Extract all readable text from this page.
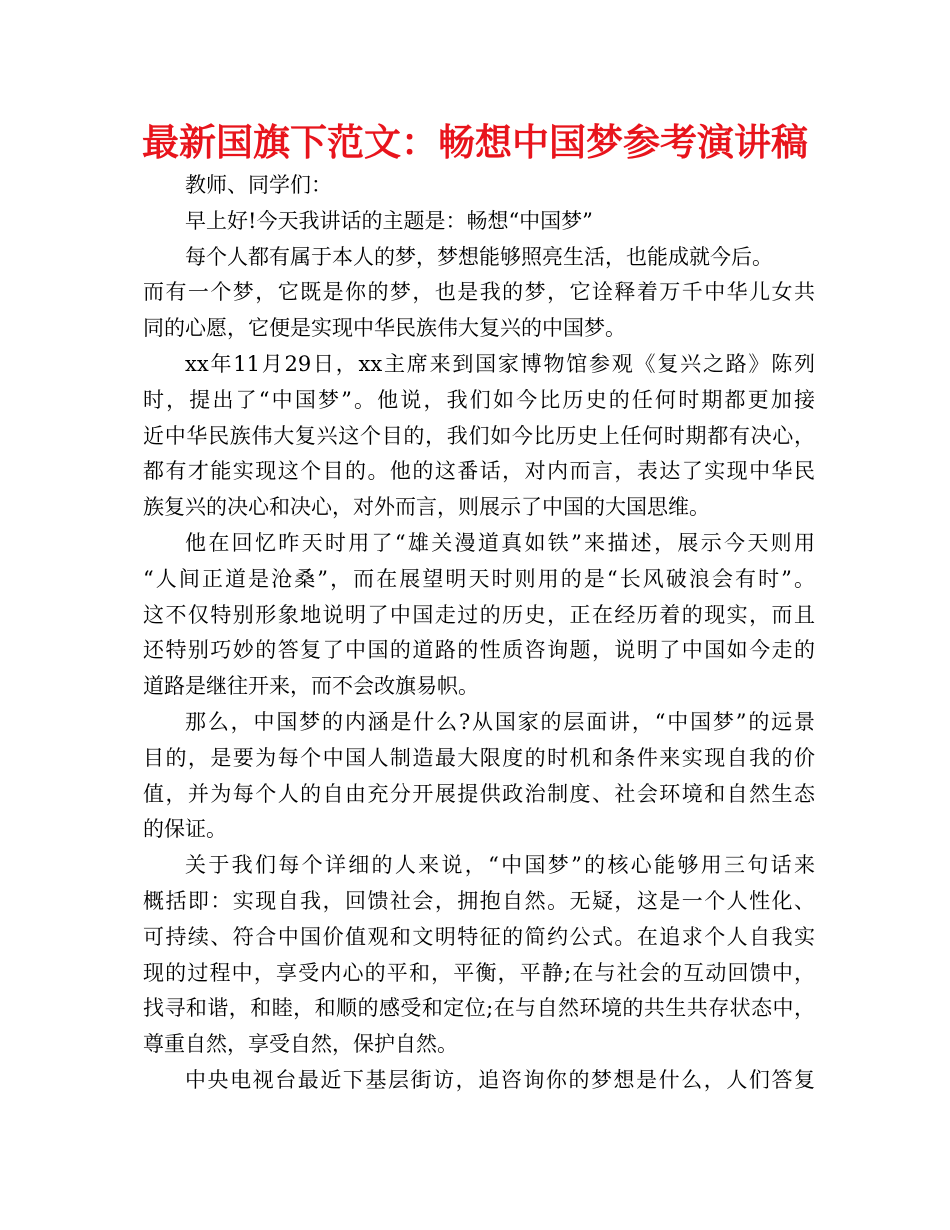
最新国旗下范文：畅想中国梦参考演讲稿
教师、同学们：
早上好!今天我讲话的主题是：畅想“中国梦”
每个人都有属于本人的梦，梦想能够照亮生活，也能成就今后。
而有一个梦，它既是你的梦，也是我的梦，它诠释着万千中华儿女共
同的心愿，它便是实现中华民族伟大复兴的中国梦。
xx年11月29日，xx主席来到国家博物馆参观《复兴之路》陈列
时，提出了“中国梦”。他说，我们如今比历史的任何时期都更加接
近中华民族伟大复兴这个目的，我们如今比历史上任何时期都有决心，
都有才能实现这个目的。他的这番话，对内而言，表达了实现中华民
族复兴的决心和决心，对外而言，则展示了中国的大国思维。
他在回忆昨天时用了“雄关漫道真如铁”来描述，展示今天则用
“人间正道是沧桑”，而在展望明天时则用的是“长风破浪会有时”。
这不仅特别形象地说明了中国走过的历史，正在经历着的现实，而且
还特别巧妙的答复了中国的道路的性质咨询题，说明了中国如今走的
道路是继往开来，而不会改旗易帜。
那么，中国梦的内涵是什么?从国家的层面讲，“中国梦”的远景
目的，是要为每个中国人制造最大限度的时机和条件来实现自我的价
值，并为每个人的自由充分开展提供政治制度、社会环境和自然生态
的保证。
关于我们每个详细的人来说，“中国梦”的核心能够用三句话来
概括即：实现自我，回馈社会，拥抱自然。无疑，这是一个人性化、
可持续、符合中国价值观和文明特征的简约公式。在追求个人自我实
现的过程中，享受内心的平和，平衡，平静;在与社会的互动回馈中，
找寻和谐，和睦，和顺的感受和定位;在与自然环境的共生共存状态中，
尊重自然，享受自然，保护自然。
中央电视台最近下基层街访，追咨询你的梦想是什么，人们答复
